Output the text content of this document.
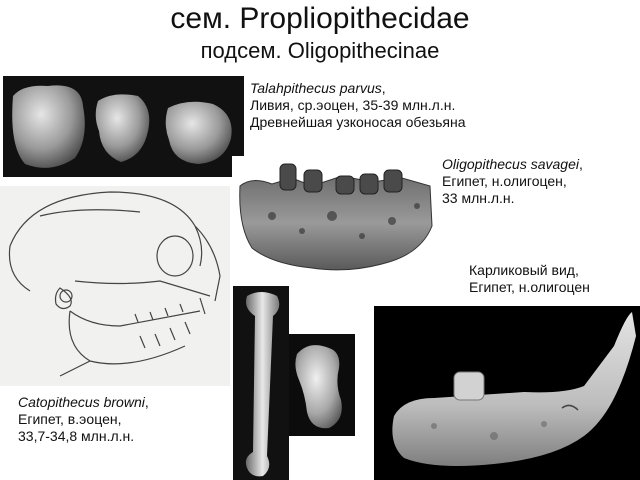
сем. Propliopithecidae
подсем. Oligopithecinae
Talahpithecus parvus,
Ливия, ср.эоцен, 35-39 млн.л.н.
Древнейшая узконосая обезьяна
Oligopithecus savagei,
Египет, н.олигоцен,
33 млн.л.н.
Карликовый вид,
Египет, н.олигоцен
Catopithecus browni,
Египет, в.эоцен,
33,7-34,8 млн.л.н.
